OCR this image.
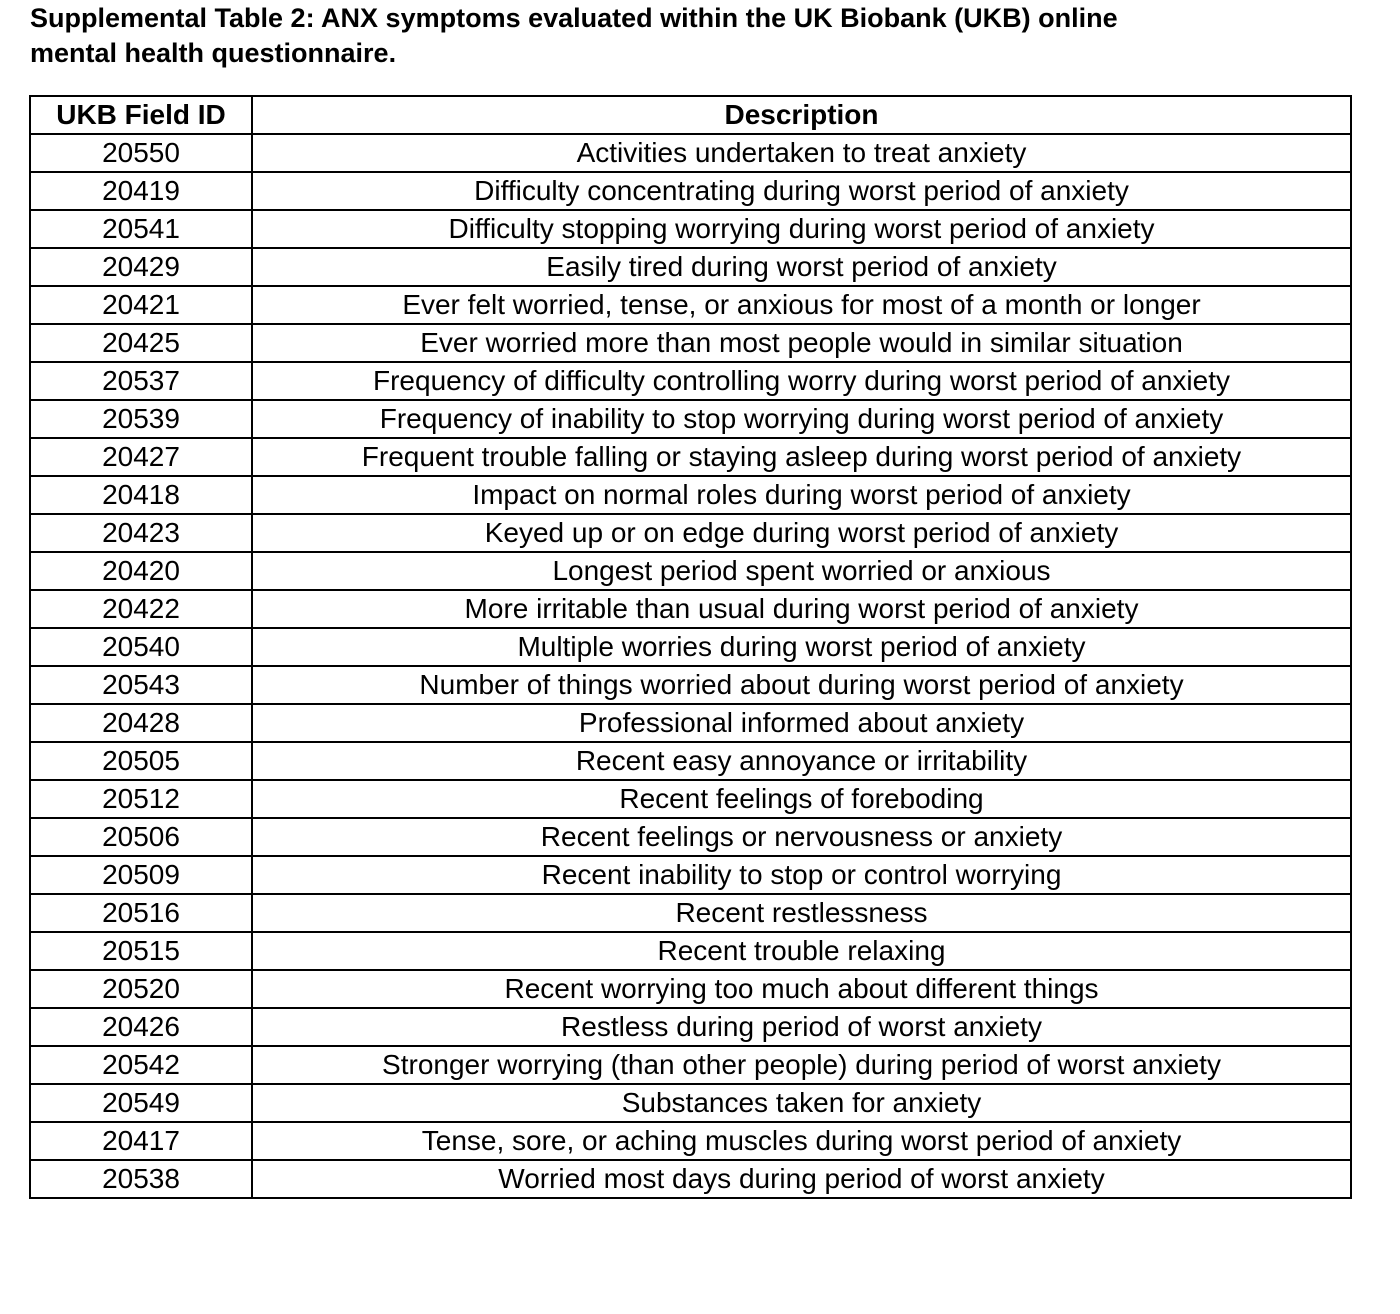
Supplemental Table 2: ANX symptoms evaluated within the UK Biobank (UKB) online
mental health questionnaire.
UKB Field ID	Description
20550	Activities undertaken to treat anxiety
20419	Difficulty concentrating during worst period of anxiety
20541	Difficulty stopping worrying during worst period of anxiety
20429	Easily tired during worst period of anxiety
20421	Ever felt worried, tense, or anxious for most of a month or longer
20425	Ever worried more than most people would in similar situation
20537	Frequency of difficulty controlling worry during worst period of anxiety
20539	Frequency of inability to stop worrying during worst period of anxiety
20427	Frequent trouble falling or staying asleep during worst period of anxiety
20418	Impact on normal roles during worst period of anxiety
20423	Keyed up or on edge during worst period of anxiety
20420	Longest period spent worried or anxious
20422	More irritable than usual during worst period of anxiety
20540	Multiple worries during worst period of anxiety
20543	Number of things worried about during worst period of anxiety
20428	Professional informed about anxiety
20505	Recent easy annoyance or irritability
20512	Recent feelings of foreboding
20506	Recent feelings or nervousness or anxiety
20509	Recent inability to stop or control worrying
20516	Recent restlessness
20515	Recent trouble relaxing
20520	Recent worrying too much about different things
20426	Restless during period of worst anxiety
20542	Stronger worrying (than other people) during period of worst anxiety
20549	Substances taken for anxiety
20417	Tense, sore, or aching muscles during worst period of anxiety
20538	Worried most days during period of worst anxiety
